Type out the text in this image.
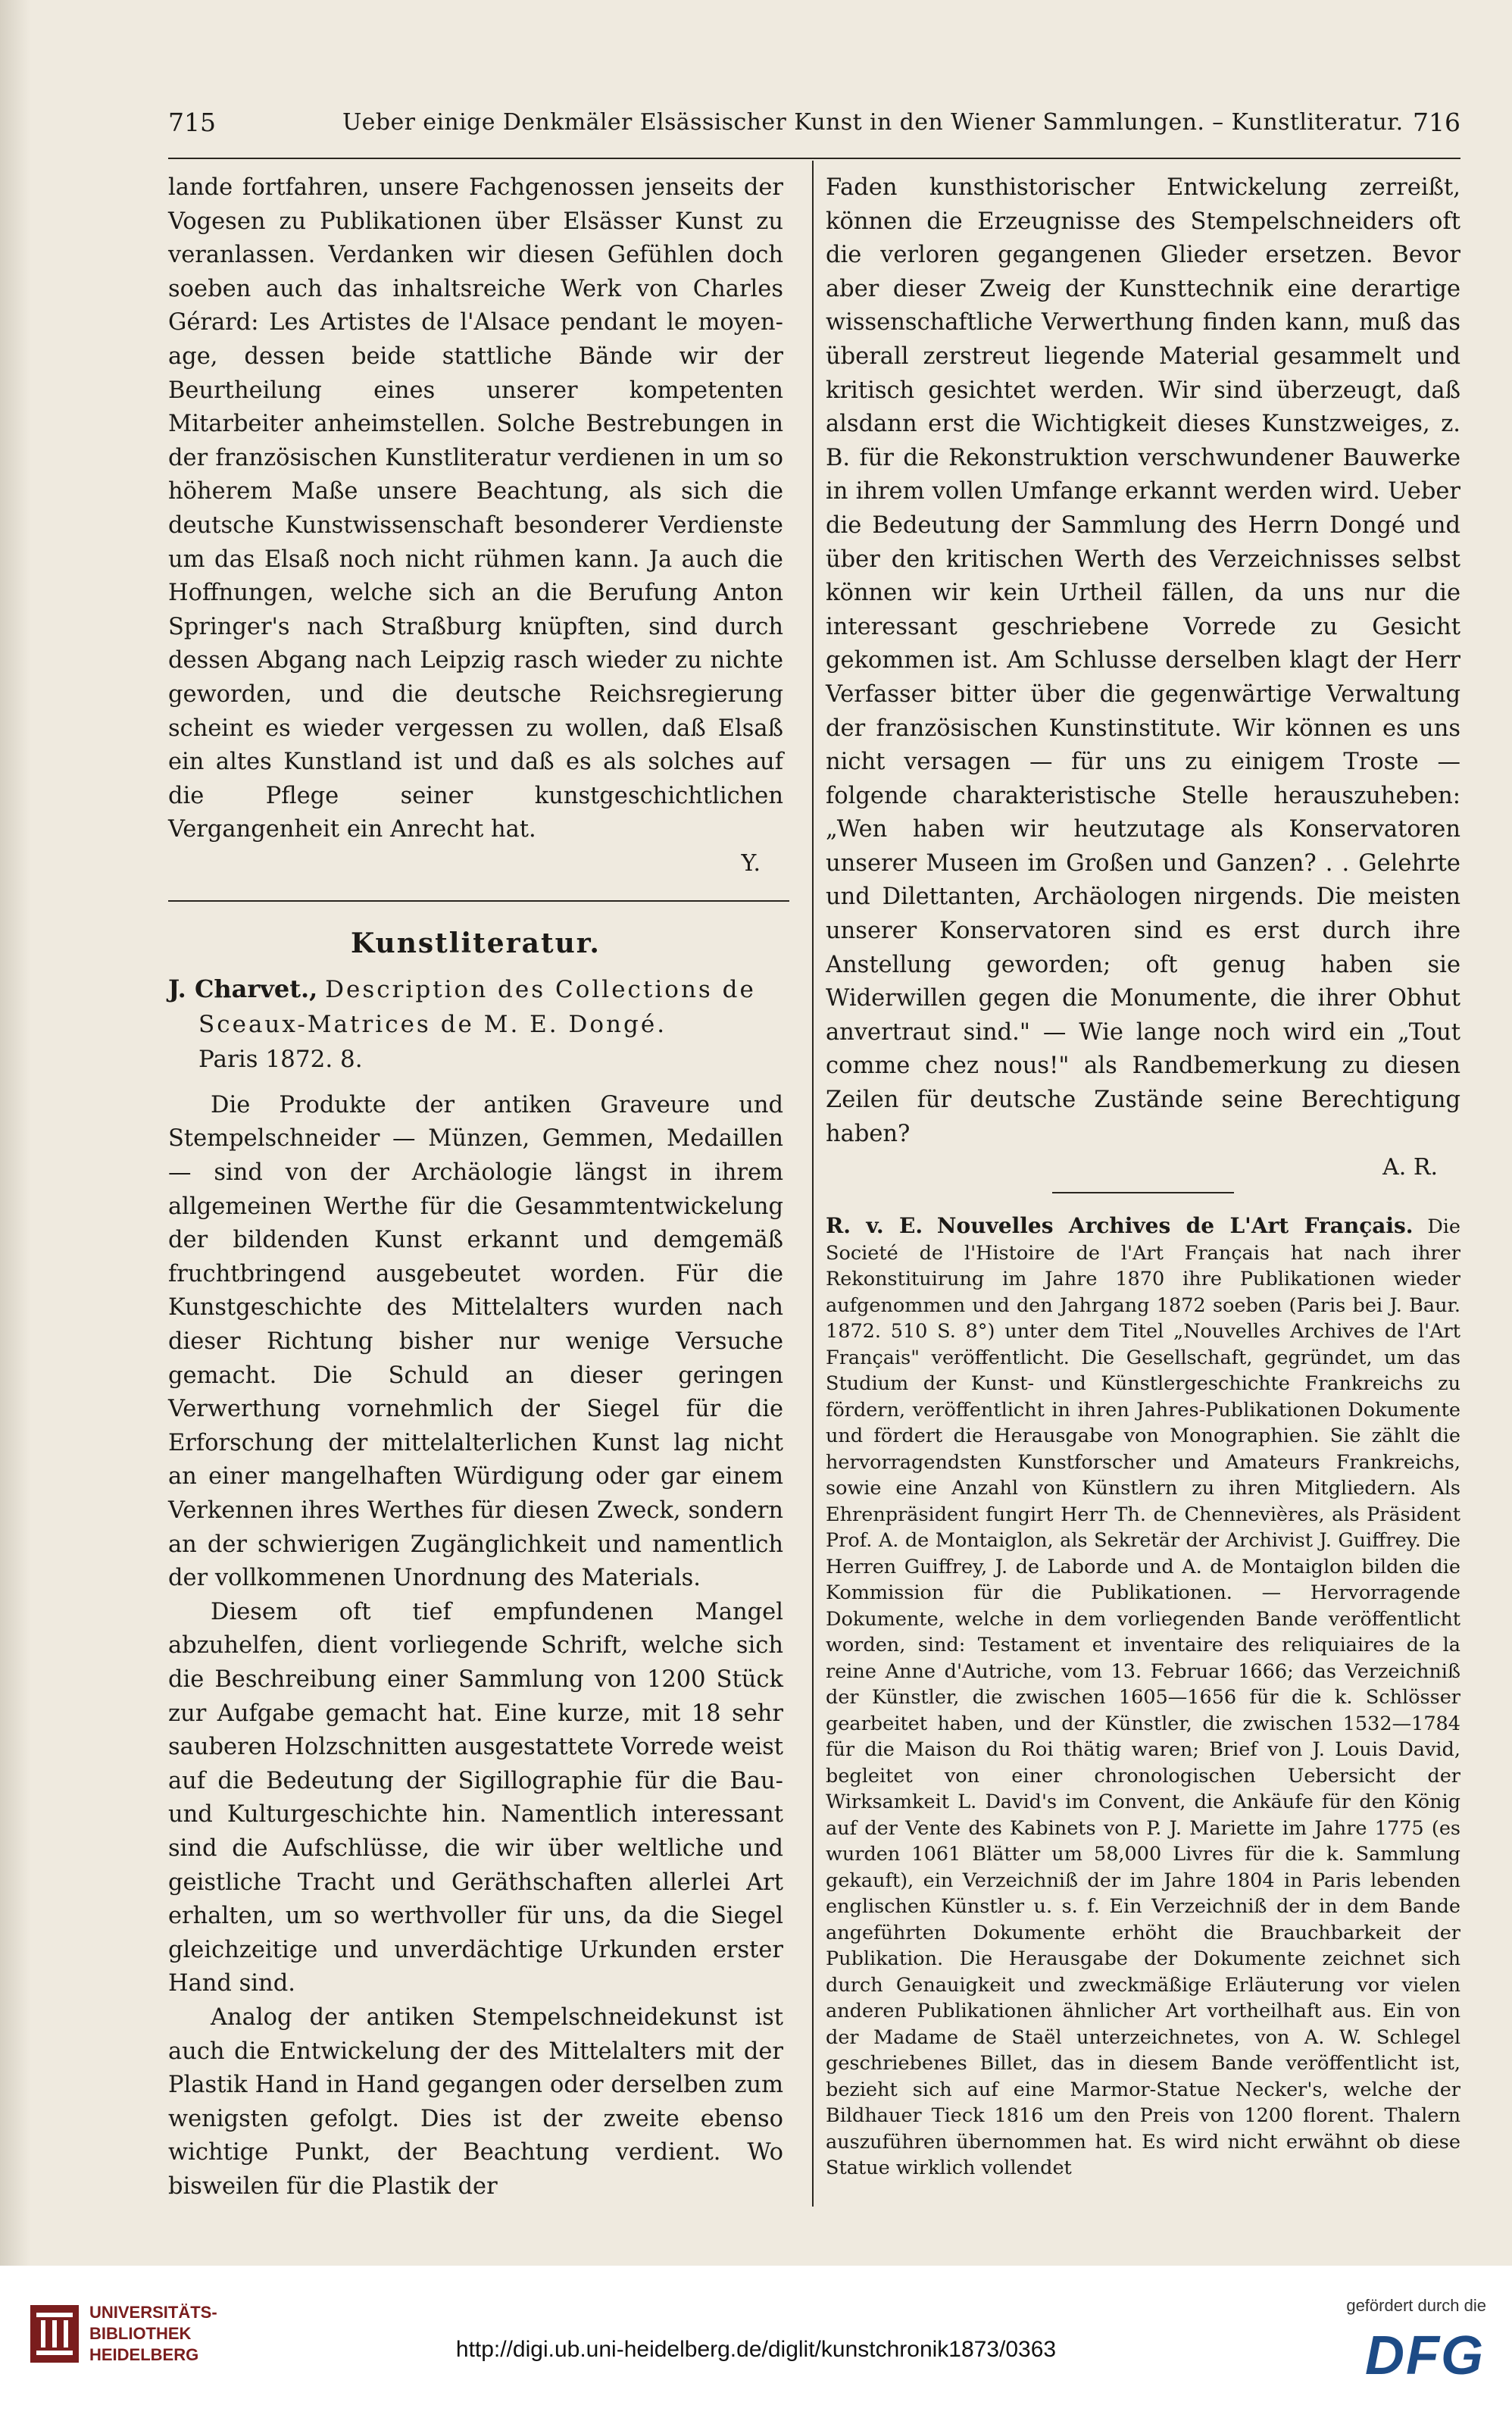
715	Ueber einige Denkmäler Elsässischer Kunst in den Wiener Sammlungen. – Kunstliteratur. 716

lande fortfahren, unsere Fachgenossen jenseits der Vogesen zu Publikationen über Elsässer Kunst zu veranlassen. Verdanken wir diesen Gefühlen doch soeben auch das inhaltsreiche Werk von Charles Gérard: Les Artistes de l'Alsace pendant le moyen-age, dessen beide stattliche Bände wir der Beurtheilung eines unserer kompetenten Mitarbeiter anheimstellen. Solche Bestrebungen in der französischen Kunstliteratur verdienen in um so höherem Maße unsere Beachtung, als sich die deutsche Kunstwissenschaft besonderer Verdienste um das Elsaß noch nicht rühmen kann. Ja auch die Hoffnungen, welche sich an die Berufung Anton Springer's nach Straßburg knüpften, sind durch dessen Abgang nach Leipzig rasch wieder zu nichte geworden, und die deutsche Reichsregierung scheint es wieder vergessen zu wollen, daß Elsaß ein altes Kunstland ist und daß es als solches auf die Pflege seiner kunstgeschichtlichen Vergangenheit ein Anrecht hat.

Y.

Kunstliteratur.

J. Charvet., Description des Collections de Sceaux-Matrices de M. E. Dongé.
Paris 1872. 8.

Die Produkte der antiken Graveure und Stempelschneider — Münzen, Gemmen, Medaillen — sind von der Archäologie längst in ihrem allgemeinen Werthe für die Gesammtentwickelung der bildenden Kunst erkannt und demgemäß fruchtbringend ausgebeutet worden. Für die Kunstgeschichte des Mittelalters wurden nach dieser Richtung bisher nur wenige Versuche gemacht. Die Schuld an dieser geringen Verwerthung vornehmlich der Siegel für die Erforschung der mittelalterlichen Kunst lag nicht an einer mangelhaften Würdigung oder gar einem Verkennen ihres Werthes für diesen Zweck, sondern an der schwierigen Zugänglichkeit und namentlich der vollkommenen Unordnung des Materials.

Diesem oft tief empfundenen Mangel abzuhelfen, dient vorliegende Schrift, welche sich die Beschreibung einer Sammlung von 1200 Stück zur Aufgabe gemacht hat. Eine kurze, mit 18 sehr sauberen Holzschnitten ausgestattete Vorrede weist auf die Bedeutung der Sigillographie für die Bau- und Kulturgeschichte hin. Namentlich interessant sind die Aufschlüsse, die wir über weltliche und geistliche Tracht und Geräthschaften allerlei Art erhalten, um so werthvoller für uns, da die Siegel gleichzeitige und unverdächtige Urkunden erster Hand sind.

Analog der antiken Stempelschneidekunst ist auch die Entwickelung der des Mittelalters mit der Plastik Hand in Hand gegangen oder derselben zum wenigsten gefolgt. Dies ist der zweite ebenso wichtige Punkt, der Beachtung verdient. Wo bisweilen für die Plastik der

Faden kunsthistorischer Entwickelung zerreißt, können die Erzeugnisse des Stempelschneiders oft die verloren gegangenen Glieder ersetzen. Bevor aber dieser Zweig der Kunsttechnik eine derartige wissenschaftliche Verwerthung finden kann, muß das überall zerstreut liegende Material gesammelt und kritisch gesichtet werden. Wir sind überzeugt, daß alsdann erst die Wichtigkeit dieses Kunstzweiges, z. B. für die Rekonstruktion verschwundener Bauwerke in ihrem vollen Umfange erkannt werden wird. Ueber die Bedeutung der Sammlung des Herrn Dongé und über den kritischen Werth des Verzeichnisses selbst können wir kein Urtheil fällen, da uns nur die interessant geschriebene Vorrede zu Gesicht gekommen ist. Am Schlusse derselben klagt der Herr Verfasser bitter über die gegenwärtige Verwaltung der französischen Kunstinstitute. Wir können es uns nicht versagen — für uns zu einigem Troste — folgende charakteristische Stelle herauszuheben: „Wen haben wir heutzutage als Konservatoren unserer Museen im Großen und Ganzen? . . Gelehrte und Dilettanten, Archäologen nirgends. Die meisten unserer Konservatoren sind es erst durch ihre Anstellung geworden; oft genug haben sie Widerwillen gegen die Monumente, die ihrer Obhut anvertraut sind." — Wie lange noch wird ein „Tout comme chez nous!" als Randbemerkung zu diesen Zeilen für deutsche Zustände seine Berechtigung haben?

A. R.

R. v. E. Nouvelles Archives de L'Art Français. Die Societé de l'Histoire de l'Art Français hat nach ihrer Rekonstituirung im Jahre 1870 ihre Publikationen wieder aufgenommen und den Jahrgang 1872 soeben (Paris bei J. Baur. 1872. 510 S. 8°) unter dem Titel „Nouvelles Archives de l'Art Français" veröffentlicht. Die Gesellschaft, gegründet, um das Studium der Kunst- und Künstlergeschichte Frankreichs zu fördern, veröffentlicht in ihren Jahres-Publikationen Dokumente und fördert die Herausgabe von Monographien. Sie zählt die hervorragendsten Kunstforscher und Amateurs Frankreichs, sowie eine Anzahl von Künstlern zu ihren Mitgliedern. Als Ehrenpräsident fungirt Herr Th. de Chennevières, als Präsident Prof. A. de Montaiglon, als Sekretär der Archivist J. Guiffrey. Die Herren Guiffrey, J. de Laborde und A. de Montaiglon bilden die Kommission für die Publikationen. — Hervorragende Dokumente, welche in dem vorliegenden Bande veröffentlicht worden, sind: Testament et inventaire des reliquiaires de la reine Anne d'Autriche, vom 13. Februar 1666; das Verzeichniß der Künstler, die zwischen 1605—1656 für die k. Schlösser gearbeitet haben, und der Künstler, die zwischen 1532—1784 für die Maison du Roi thätig waren; Brief von J. Louis David, begleitet von einer chronologischen Uebersicht der Wirksamkeit L. David's im Convent, die Ankäufe für den König auf der Vente des Kabinets von P. J. Mariette im Jahre 1775 (es wurden 1061 Blätter um 58,000 Livres für die k. Sammlung gekauft), ein Verzeichniß der im Jahre 1804 in Paris lebenden englischen Künstler u. s. f. Ein Verzeichniß der in dem Bande angeführten Dokumente erhöht die Brauchbarkeit der Publikation. Die Herausgabe der Dokumente zeichnet sich durch Genauigkeit und zweckmäßige Erläuterung vor vielen anderen Publikationen ähnlicher Art vortheilhaft aus. Ein von der Madame de Staël unterzeichnetes, von A. W. Schlegel geschriebenes Billet, das in diesem Bande veröffentlicht ist, bezieht sich auf eine Marmor-Statue Necker's, welche der Bildhauer Tieck 1816 um den Preis von 1200 florent. Thalern auszuführen übernommen hat. Es wird nicht erwähnt ob diese Statue wirklich vollendet

UNIVERSITÄTS-
BIBLIOTHEK
HEIDELBERG	http://digi.ub.uni-heidelberg.de/diglit/kunstchronik1873/0363
gefördert durch die
DFG
